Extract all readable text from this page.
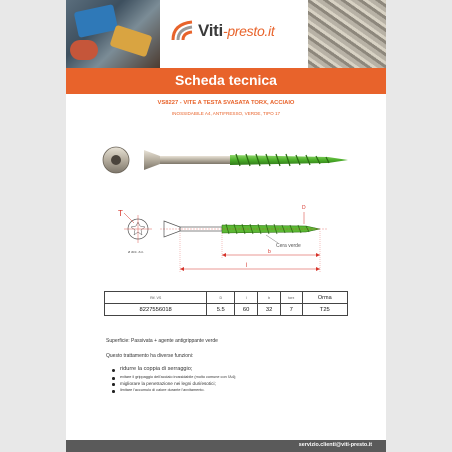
Viti-presto.it
Scheda tecnica
VS8227 - VITE A TESTA SVASATA TORX, ACCIAIO
INOSSIDABILE A4, ANTIFRESSO, VERDE, TIPO 17
T
ø acc. a.c.
D
Cera verde
b
l
Rif. VS	D	l	b	torx	Orma
8227556018	5.5	60	32	7	T25
Superficie: Passivata + agente antigrippante verde
Questo trattamento ha diverse funzioni:
ridurre la coppia di serraggio;
evitare il grippaggio dell'acciaio inossidabile (molto comune con l'A4);
migliorare la penetrazione nei legni duri/esotici;
limitare l'accumulo di calore durante l'avvitamento.
servizio.clienti@viti-presto.it
